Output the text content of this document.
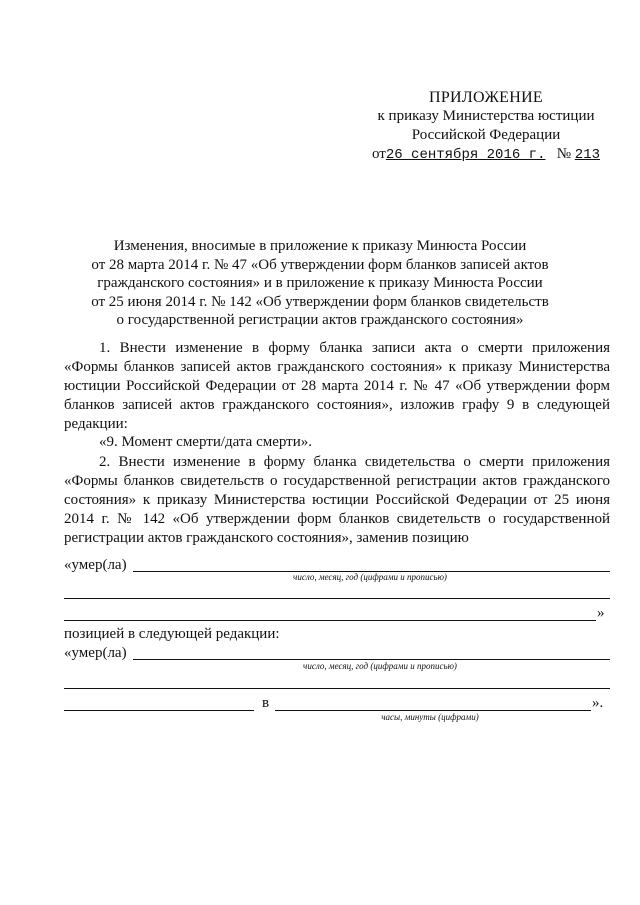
ПРИЛОЖЕНИЕ
к приказу Министерства юстиции
Российской Федерации
от26 сентября 2016 г. № 213
Изменения, вносимые в приложение к приказу Минюста России
от 28 марта 2014 г. № 47 «Об утверждении форм бланков записей актов
гражданского состояния» и в приложение к приказу Минюста России
от 25 июня 2014 г. № 142 «Об утверждении форм бланков свидетельств
о государственной регистрации актов гражданского состояния»
1. Внести изменение в форму бланка записи акта о смерти приложения «Формы бланков записей актов гражданского состояния» к приказу Министерства юстиции Российской Федерации от 28 марта 2014 г. № 47 «Об утверждении форм бланков записей актов гражданского состояния», изложив графу 9 в следующей редакции:
«9. Момент смерти/дата смерти».
2. Внести изменение в форму бланка свидетельства о смерти приложения «Формы бланков свидетельств о государственной регистрации актов гражданского состояния» к приказу Министерства юстиции Российской Федерации от 25 июня 2014 г. № 142 «Об утверждении форм бланков свидетельств о государственной регистрации актов гражданского состояния», заменив позицию
«умер(ла)
число, месяц, год (цифрами и прописью)
»
позицией в следующей редакции:
«умер(ла)
число, месяц, год (цифрами и прописью)
в	».
часы, минуты (цифрами)
